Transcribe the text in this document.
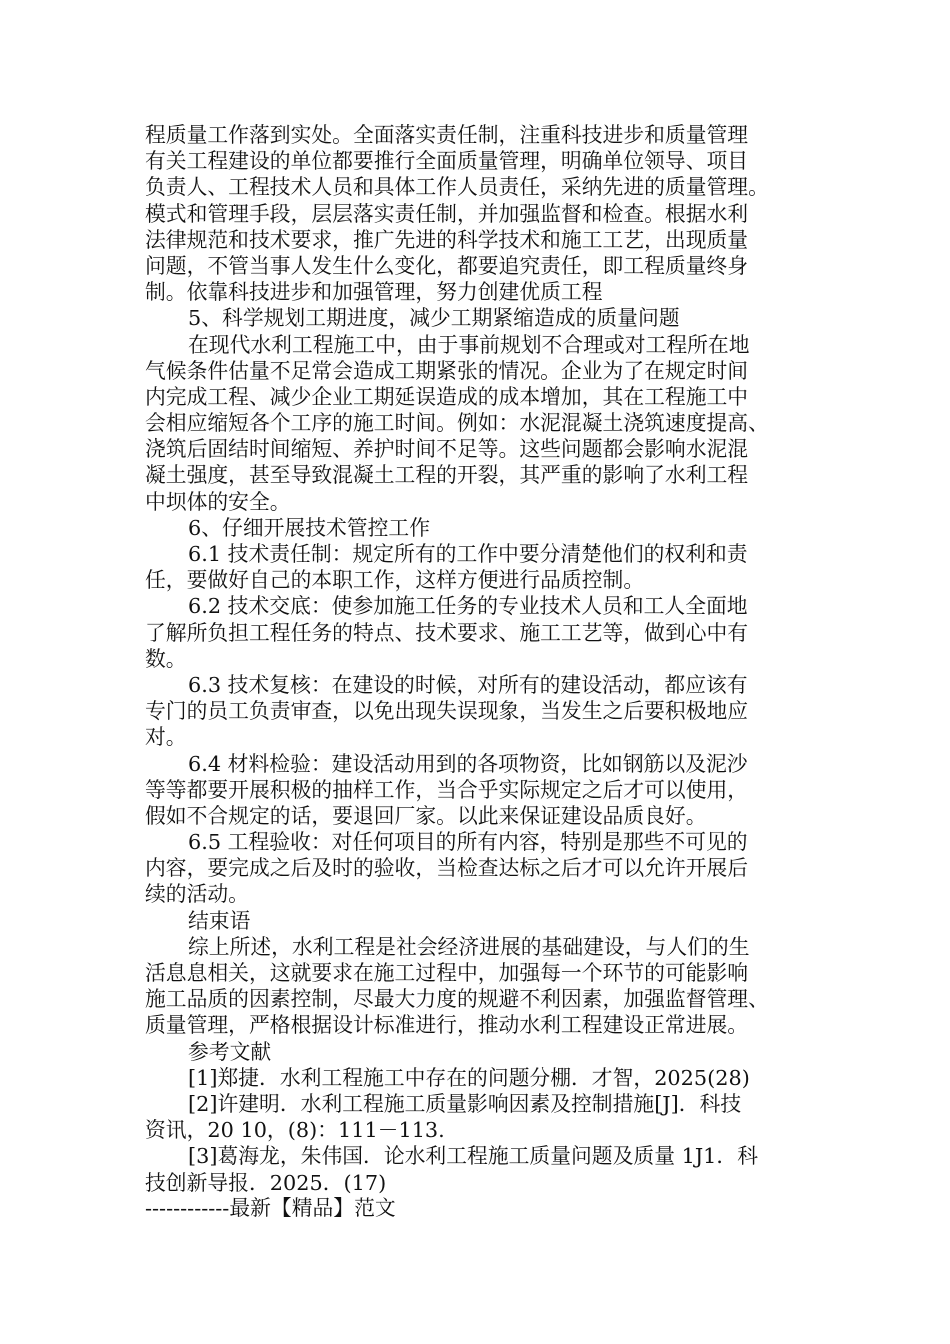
程质量工作落到实处。全面落实责任制，注重科技进步和质量管理
有关工程建设的单位都要推行全面质量管理，明确单位领导、项目
负责人、工程技术人员和具体工作人员责任，采纳先进的质量管理。
模式和管理手段，层层落实责任制，并加强监督和检查。根据水利
法律规范和技术要求，推广先进的科学技术和施工工艺，出现质量
问题，不管当事人发生什么变化，都要追究责任，即工程质量终身
制。依靠科技进步和加强管理，努力创建优质工程
5、科学规划工期进度，减少工期紧缩造成的质量问题
在现代水利工程施工中，由于事前规划不合理或对工程所在地
气候条件估量不足常会造成工期紧张的情况。企业为了在规定时间
内完成工程、减少企业工期延误造成的成本增加，其在工程施工中
会相应缩短各个工序的施工时间。例如：水泥混凝土浇筑速度提高、
浇筑后固结时间缩短、养护时间不足等。这些问题都会影响水泥混
凝土强度，甚至导致混凝土工程的开裂，其严重的影响了水利工程
中坝体的安全。
6、仔细开展技术管控工作
6.1 技术责任制：规定所有的工作中要分清楚他们的权利和责
任，要做好自己的本职工作，这样方便进行品质控制。
6.2 技术交底：使参加施工任务的专业技术人员和工人全面地
了解所负担工程任务的特点、技术要求、施工工艺等，做到心中有
数。
6.3 技术复核：在建设的时候，对所有的建设活动，都应该有
专门的员工负责审查，以免出现失误现象，当发生之后要积极地应
对。
6.4 材料检验：建设活动用到的各项物资，比如钢筋以及泥沙
等等都要开展积极的抽样工作，当合乎实际规定之后才可以使用，
假如不合规定的话，要退回厂家。以此来保证建设品质良好。
6.5 工程验收：对任何项目的所有内容，特别是那些不可见的
内容，要完成之后及时的验收，当检查达标之后才可以允许开展后
续的活动。
结束语
综上所述，水利工程是社会经济进展的基础建设，与人们的生
活息息相关，这就要求在施工过程中，加强每一个环节的可能影响
施工品质的因素控制，尽最大力度的规避不利因素，加强监督管理、
质量管理，严格根据设计标准进行，推动水利工程建设正常进展。
参考文献
[1]郑捷．水利工程施工中存在的问题分棚．才智，2025(28)
[2]许建明．水利工程施工质量影响因素及控制措施[J]．科技
资讯，20 10，(8)：111－113.
[3]葛海龙，朱伟国．论水利工程施工质量问题及质量 1J1．科
技创新导报．2025．(17)
------------最新【精品】范文
